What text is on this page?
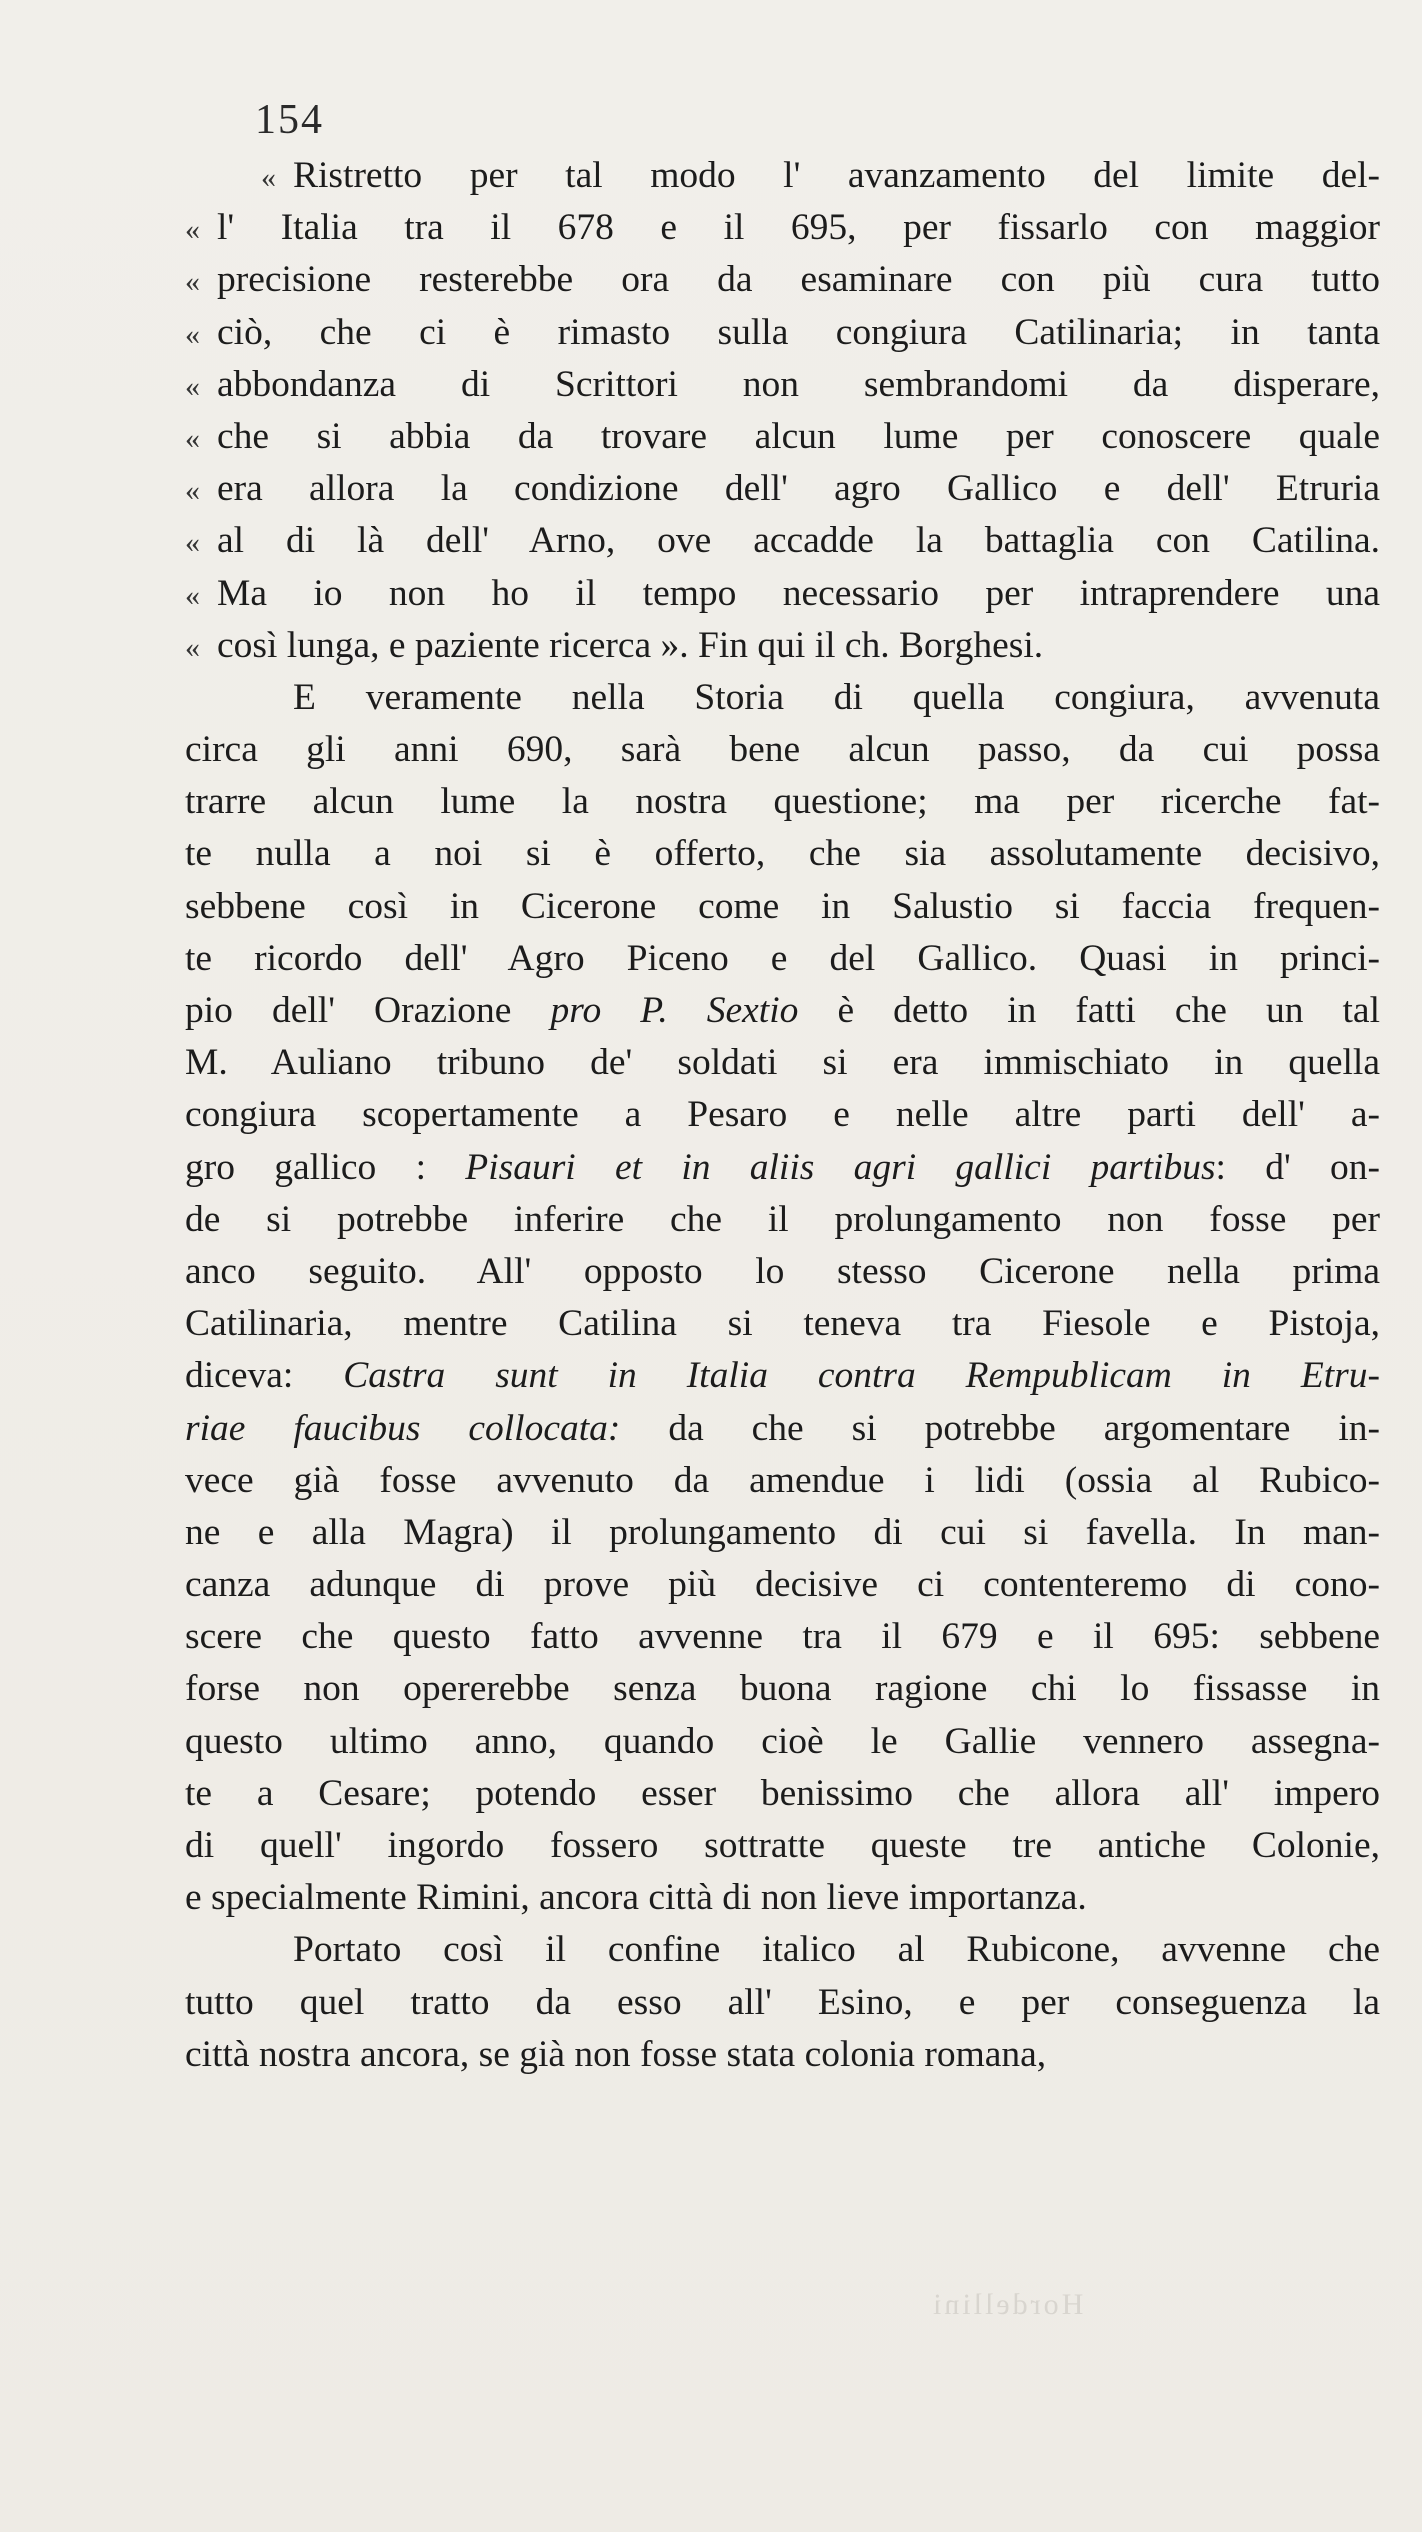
154
« Ristretto per tal modo l' avanzamento del limite del-
« l' Italia tra il 678 e il 695, per fissarlo con maggior
« precisione resterebbe ora da esaminare con più cura tutto
« ciò, che ci è rimasto sulla congiura Catilinaria; in tanta
« abbondanza di Scrittori non sembrandomi da disperare,
« che si abbia da trovare alcun lume per conoscere quale
« era allora la condizione dell' agro Gallico e dell' Etruria
« al di là dell' Arno, ove accadde la battaglia con Catilina.
« Ma io non ho il tempo necessario per intraprendere una
« così lunga, e paziente ricerca ». Fin qui il ch. Borghesi.
E veramente nella Storia di quella congiura, avvenuta
circa gli anni 690, sarà bene alcun passo, da cui possa
trarre alcun lume la nostra questione; ma per ricerche fat-
te nulla a noi si è offerto, che sia assolutamente decisivo,
sebbene così in Cicerone come in Salustio si faccia frequen-
te ricordo dell' Agro Piceno e del Gallico. Quasi in princi-
pio dell' Orazione pro P. Sextio è detto in fatti che un tal
M. Auliano tribuno de' soldati si era immischiato in quella
congiura scopertamente a Pesaro e nelle altre parti dell' a-
gro gallico : Pisauri et in aliis agri gallici partibus: d' on-
de si potrebbe inferire che il prolungamento non fosse per
anco seguito. All' opposto lo stesso Cicerone nella prima
Catilinaria, mentre Catilina si teneva tra Fiesole e Pistoja,
diceva: Castra sunt in Italia contra Rempublicam in Etru-
riae faucibus collocata: da che si potrebbe argomentare in-
vece già fosse avvenuto da amendue i lidi (ossia al Rubico-
ne e alla Magra) il prolungamento di cui si favella. In man-
canza adunque di prove più decisive ci contenteremo di cono-
scere che questo fatto avvenne tra il 679 e il 695: sebbene
forse non opererebbe senza buona ragione chi lo fissasse in
questo ultimo anno, quando cioè le Gallie vennero assegna-
te a Cesare; potendo esser benissimo che allora all' impero
di quell' ingordo fossero sottratte queste tre antiche Colonie,
e specialmente Rimini, ancora città di non lieve importanza.
Portato così il confine italico al Rubicone, avvenne che
tutto quel tratto da esso all' Esino, e per conseguenza la
città nostra ancora, se già non fosse stata colonia romana,
Hordellini
